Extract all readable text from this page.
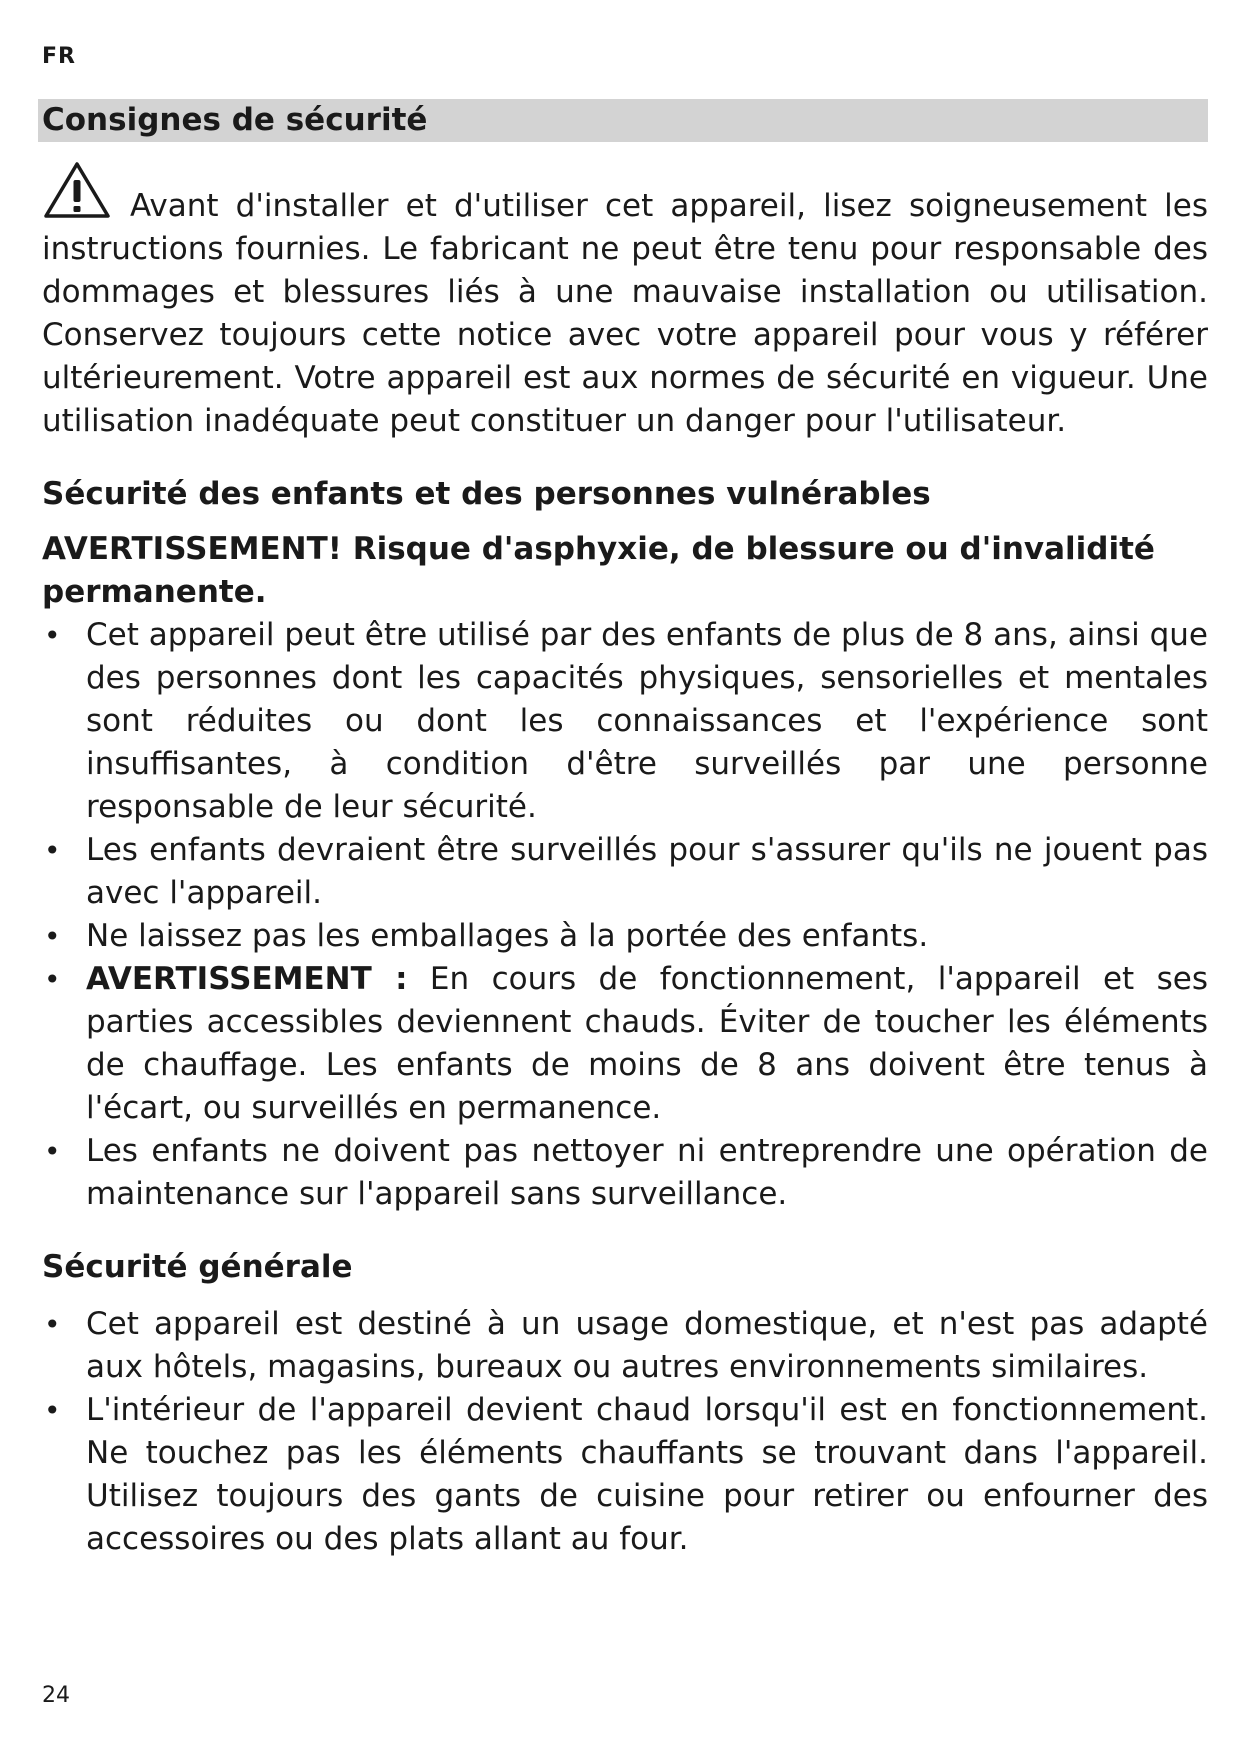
FR
Consignes de sécurité

Avant d'installer et d'utiliser cet appareil, lisez soigneusement les instructions fournies. Le fabricant ne peut être tenu pour responsable des dommages et blessures liés à une mauvaise installation ou utilisation. Conservez toujours cette notice avec votre appareil pour vous y référer ultérieurement. Votre appareil est aux normes de sécurité en vigueur. Une utilisation inadéquate peut constituer un danger pour l'utilisateur.

Sécurité des enfants et des personnes vulnérables
AVERTISSEMENT! Risque d'asphyxie, de blessure ou d'invalidité permanente.
• Cet appareil peut être utilisé par des enfants de plus de 8 ans, ainsi que des personnes dont les capacités physiques, sensorielles et mentales sont réduites ou dont les connaissances et l'expérience sont insuffisantes, à condition d'être surveillés par une personne responsable de leur sécurité.
• Les enfants devraient être surveillés pour s'assurer qu'ils ne jouent pas avec l'appareil.
• Ne laissez pas les emballages à la portée des enfants.
• AVERTISSEMENT : En cours de fonctionnement, l'appareil et ses parties accessibles deviennent chauds. Éviter de toucher les éléments de chauffage. Les enfants de moins de 8 ans doivent être tenus à l'écart, ou surveillés en permanence.
• Les enfants ne doivent pas nettoyer ni entreprendre une opération de maintenance sur l'appareil sans surveillance.
Sécurité générale
• Cet appareil est destiné à un usage domestique, et n'est pas adapté aux hôtels, magasins, bureaux ou autres environnements similaires.
• L'intérieur de l'appareil devient chaud lorsqu'il est en fonctionnement. Ne touchez pas les éléments chauffants se trouvant dans l'appareil. Utilisez toujours des gants de cuisine pour retirer ou enfourner des accessoires ou des plats allant au four.
24
